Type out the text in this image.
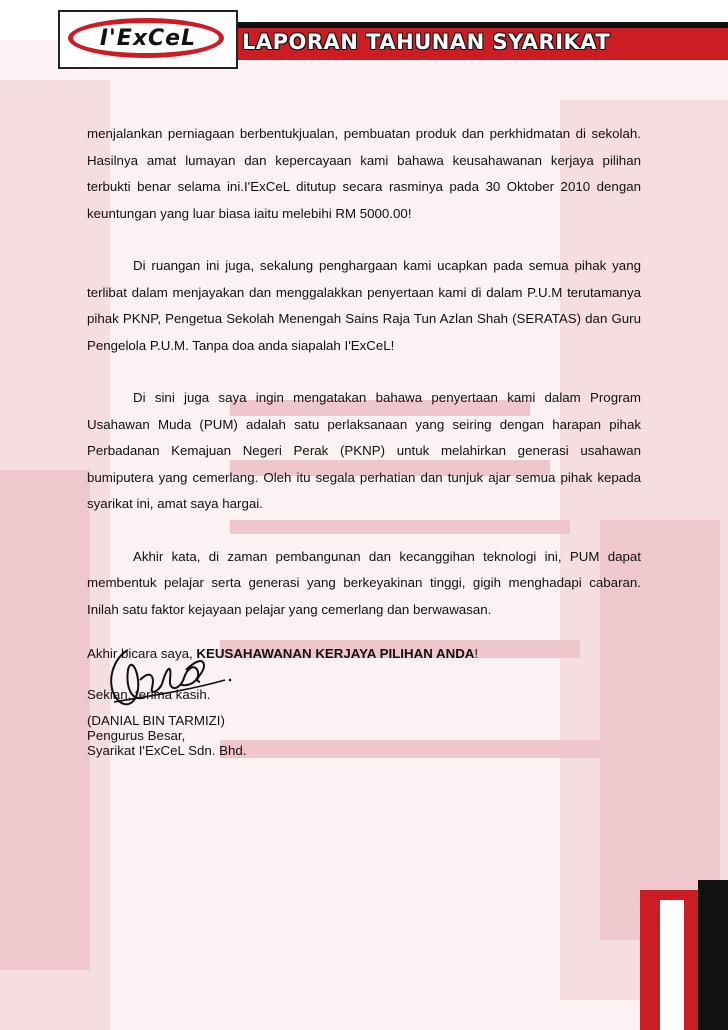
LAPORAN TAHUNAN SYARIKAT
I'ExCeL

menjalankan perniagaan berbentukjualan, pembuatan produk dan perkhidmatan di sekolah. Hasilnya amat lumayan dan kepercayaan kami bahawa keusahawanan kerjaya pilihan terbukti benar selama ini.I'ExCeL ditutup secara rasminya pada 30 Oktober 2010 dengan keuntungan yang luar biasa iaitu melebihi RM 5000.00!

Di ruangan ini juga, sekalung penghargaan kami ucapkan pada semua pihak yang terlibat dalam menjayakan dan menggalakkan penyertaan kami di dalam P.U.M terutamanya pihak PKNP, Pengetua Sekolah Menengah Sains Raja Tun Azlan Shah (SERATAS) dan Guru Pengelola P.U.M. Tanpa doa anda siapalah I'ExCeL!

Di sini juga saya ingin mengatakan bahawa penyertaan kami dalam Program Usahawan Muda (PUM) adalah satu perlaksanaan yang seiring dengan harapan pihak Perbadanan Kemajuan Negeri Perak (PKNP) untuk melahirkan generasi usahawan bumiputera yang cemerlang. Oleh itu segala perhatian dan tunjuk ajar semua pihak kepada syarikat ini, amat saya hargai.

Akhir kata, di zaman pembangunan dan kecanggihan teknologi ini, PUM dapat membentuk pelajar serta generasi yang berkeyakinan tinggi, gigih menghadapi cabaran. Inilah satu faktor kejayaan pelajar yang cemerlang dan berwawasan.

Akhir bicara saya, KEUSAHAWANAN KERJAYA PILIHAN ANDA!

Sekian, terima kasih.

(DANIAL BIN TARMIZI)
Pengurus Besar,
Syarikat I'ExCeL Sdn. Bhd.
